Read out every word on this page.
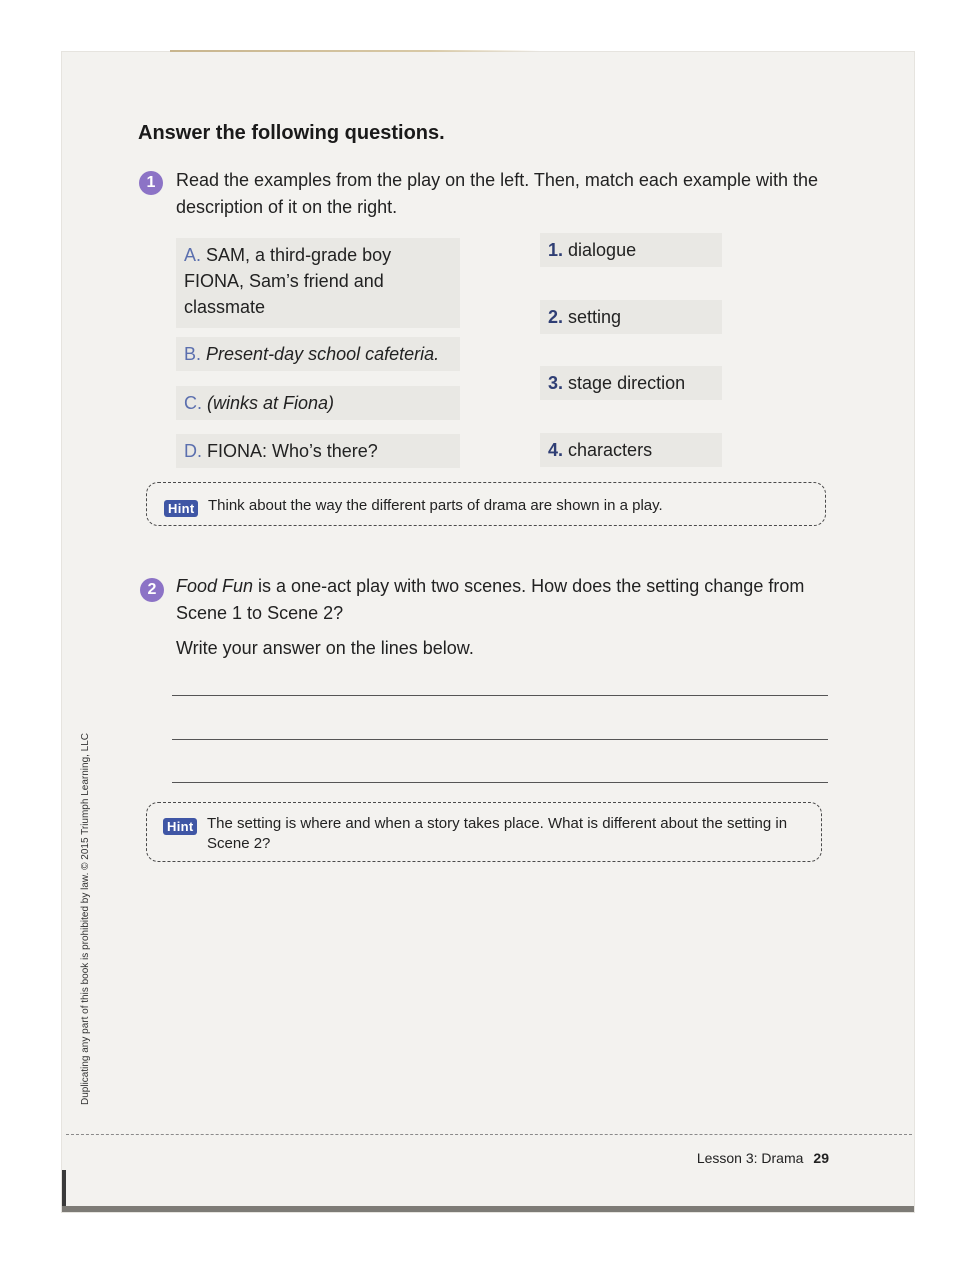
Duplicating any part of this book is prohibited by law. © 2015 Triumph Learning, LLC
Answer the following questions.
1	Read the examples from the play on the left. Then, match each example with the description of it on the right.
A. SAM, a third-grade boy FIONA, Sam’s friend and classmate
B. Present-day school cafeteria.
C. (winks at Fiona)
D. FIONA: Who’s there?
1. dialogue
2. setting
3. stage direction
4. characters
Hint Think about the way the different parts of drama are shown in a play.
2	Food Fun is a one-act play with two scenes. How does the setting change from Scene 1 to Scene 2?
Write your answer on the lines below.
Hint The setting is where and when a story takes place. What is different about the setting in Scene 2?
Lesson 3: Drama 29
